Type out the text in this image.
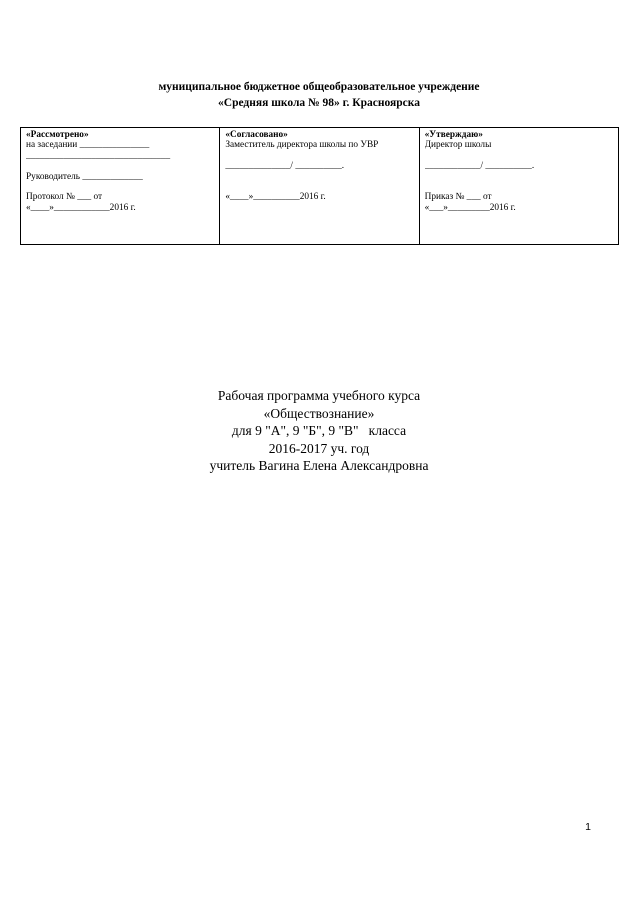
муниципальное бюджетное общеобразовательное учреждение
«Средняя школа № 98» г. Красноярска
«Рассмотрено»
на заседании _______________
_______________________________
Руководитель _____________
Протокол № ___ от
«____»____________2016 г.

«Согласовано»
Заместитель директора школы по УВР
______________/ __________.
«____»__________2016 г.

«Утверждаю»
Директор школы
____________/ __________.
Приказ № ___ от
«___»_________2016 г.
Рабочая программа учебного курса
«Обществознание»
для 9 "А", 9 "Б", 9 "В"   класса
2016-2017 уч. год
учитель Вагина Елена Александровна
1
